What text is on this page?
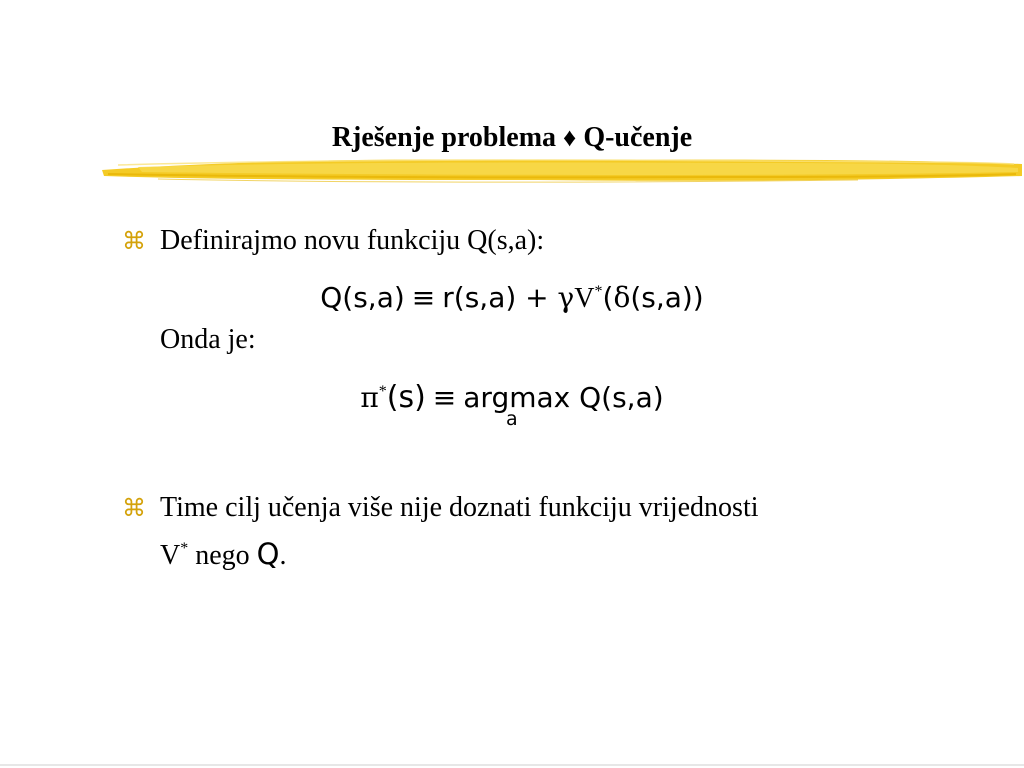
Rješenje problema ♦ Q-učenje
⌘ Definirajmo novu funkciju Q(s,a):
Q(s,a) ≡ r(s,a) + γV*(δ(s,a))
Onda je:
π*(s) ≡ argmax Q(s,a)
a
⌘ Time cilj učenja više nije doznati funkciju vrijednosti
V* nego Q.
